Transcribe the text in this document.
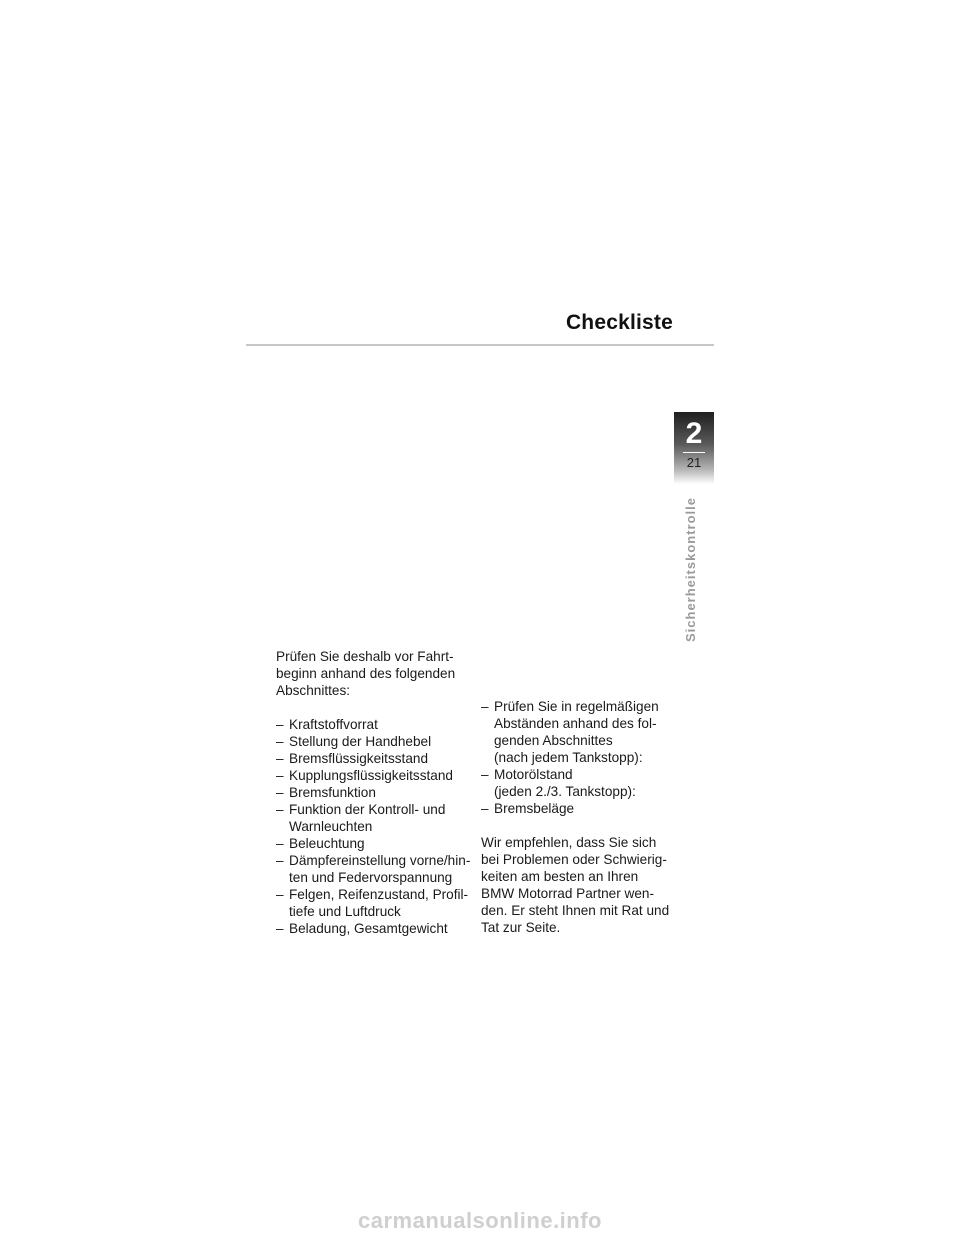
Checkliste
2
21
Sicherheitskontrolle

Prüfen Sie deshalb vor Fahrt-
beginn anhand des folgenden
Abschnittes:

– Kraftstoffvorrat
– Stellung der Handhebel
– Bremsflüssigkeitsstand
– Kupplungsflüssigkeitsstand
– Bremsfunktion
– Funktion der Kontroll- und
Warnleuchten
– Beleuchtung
– Dämpfereinstellung vorne/hin-
ten und Federvorspannung
– Felgen, Reifenzustand, Profil-
tiefe und Luftdruck
– Beladung, Gesamtgewicht
– Prüfen Sie in regelmäßigen
Abständen anhand des fol-
genden Abschnittes
(nach jedem Tankstopp):
– Motorölstand
(jeden 2./3. Tankstopp):
– Bremsbeläge

Wir empfehlen, dass Sie sich
bei Problemen oder Schwierig-
keiten am besten an Ihren
BMW Motorrad Partner wen-
den. Er steht Ihnen mit Rat und
Tat zur Seite.

carmanualsonline.info
